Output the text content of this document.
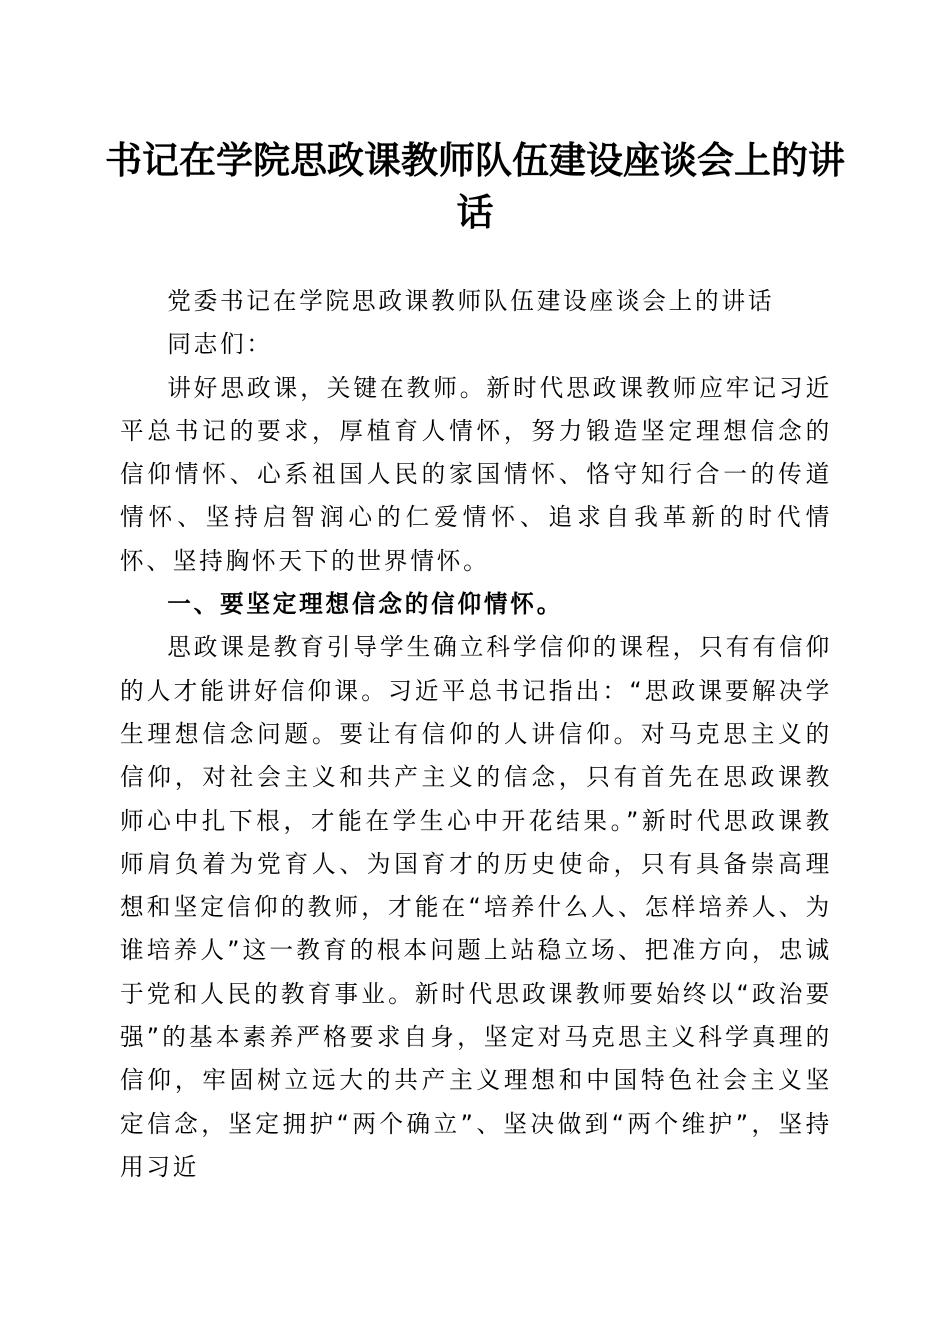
书记在学院思政课教师队伍建设座谈会上的讲话

党委书记在学院思政课教师队伍建设座谈会上的讲话

同志们：

讲好思政课，关键在教师。新时代思政课教师应牢记习近平总书记的要求，厚植育人情怀，努力锻造坚定理想信念的信仰情怀、心系祖国人民的家国情怀、恪守知行合一的传道情怀、坚持启智润心的仁爱情怀、追求自我革新的时代情怀、坚持胸怀天下的世界情怀。

一、要坚定理想信念的信仰情怀。

思政课是教育引导学生确立科学信仰的课程，只有有信仰的人才能讲好信仰课。习近平总书记指出：“思政课要解决学生理想信念问题。要让有信仰的人讲信仰。对马克思主义的信仰，对社会主义和共产主义的信念，只有首先在思政课教师心中扎下根，才能在学生心中开花结果。”新时代思政课教师肩负着为党育人、为国育才的历史使命，只有具备崇高理想和坚定信仰的教师，才能在“培养什么人、怎样培养人、为谁培养人”这一教育的根本问题上站稳立场、把准方向，忠诚于党和人民的教育事业。新时代思政课教师要始终以“政治要强”的基本素养严格要求自身，坚定对马克思主义科学真理的信仰，牢固树立远大的共产主义理想和中国特色社会主义坚定信念，坚定拥护“两个确立”、坚决做到“两个维护”，坚持用习近
